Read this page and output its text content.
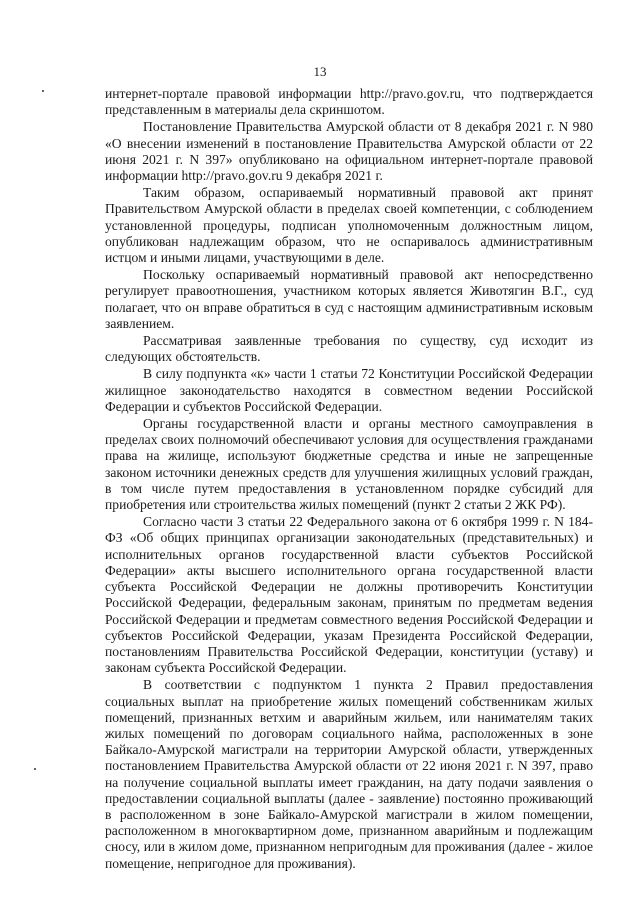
13

интернет-портале правовой информации http://pravo.gov.ru, что подтверждается представленным в материалы дела скриншотом.

Постановление Правительства Амурской области от 8 декабря 2021 г. N 980 «О внесении изменений в постановление Правительства Амурской области от 22 июня 2021 г. N 397» опубликовано на официальном интернет-портале правовой информации http://pravo.gov.ru 9 декабря 2021 г.

Таким образом, оспариваемый нормативный правовой акт принят Правительством Амурской области в пределах своей компетенции, с соблюдением установленной процедуры, подписан уполномоченным должностным лицом, опубликован надлежащим образом, что не оспаривалось административным истцом и иными лицами, участвующими в деле.

Поскольку оспариваемый нормативный правовой акт непосредственно регулирует правоотношения, участником которых является Животягин В.Г., суд полагает, что он вправе обратиться в суд с настоящим административным исковым заявлением.

Рассматривая заявленные требования по существу, суд исходит из следующих обстоятельств.

В силу подпункта «к» части 1 статьи 72 Конституции Российской Федерации жилищное законодательство находятся в совместном ведении Российской Федерации и субъектов Российской Федерации.

Органы государственной власти и органы местного самоуправления в пределах своих полномочий обеспечивают условия для осуществления гражданами права на жилище, используют бюджетные средства и иные не запрещенные законом источники денежных средств для улучшения жилищных условий граждан, в том числе путем предоставления в установленном порядке субсидий для приобретения или строительства жилых помещений (пункт 2 статьи 2 ЖК РФ).

Согласно части 3 статьи 22 Федерального закона от 6 октября 1999 г. N 184-ФЗ «Об общих принципах организации законодательных (представительных) и исполнительных органов государственной власти субъектов Российской Федерации» акты высшего исполнительного органа государственной власти субъекта Российской Федерации не должны противоречить Конституции Российской Федерации, федеральным законам, принятым по предметам ведения Российской Федерации и предметам совместного ведения Российской Федерации и субъектов Российской Федерации, указам Президента Российской Федерации, постановлениям Правительства Российской Федерации, конституции (уставу) и законам субъекта Российской Федерации.

В соответствии с подпунктом 1 пункта 2 Правил предоставления социальных выплат на приобретение жилых помещений собственникам жилых помещений, признанных ветхим и аварийным жильем, или нанимателям таких жилых помещений по договорам социального найма, расположенных в зоне Байкало-Амурской магистрали на территории Амурской области, утвержденных постановлением Правительства Амурской области от 22 июня 2021 г. N 397, право на получение социальной выплаты имеет гражданин, на дату подачи заявления о предоставлении социальной выплаты (далее - заявление) постоянно проживающий в расположенном в зоне Байкало-Амурской магистрали в жилом помещении, расположенном в многоквартирном доме, признанном аварийным и подлежащим сносу, или в жилом доме, признанном непригодным для проживания (далее - жилое помещение, непригодное для проживания).
